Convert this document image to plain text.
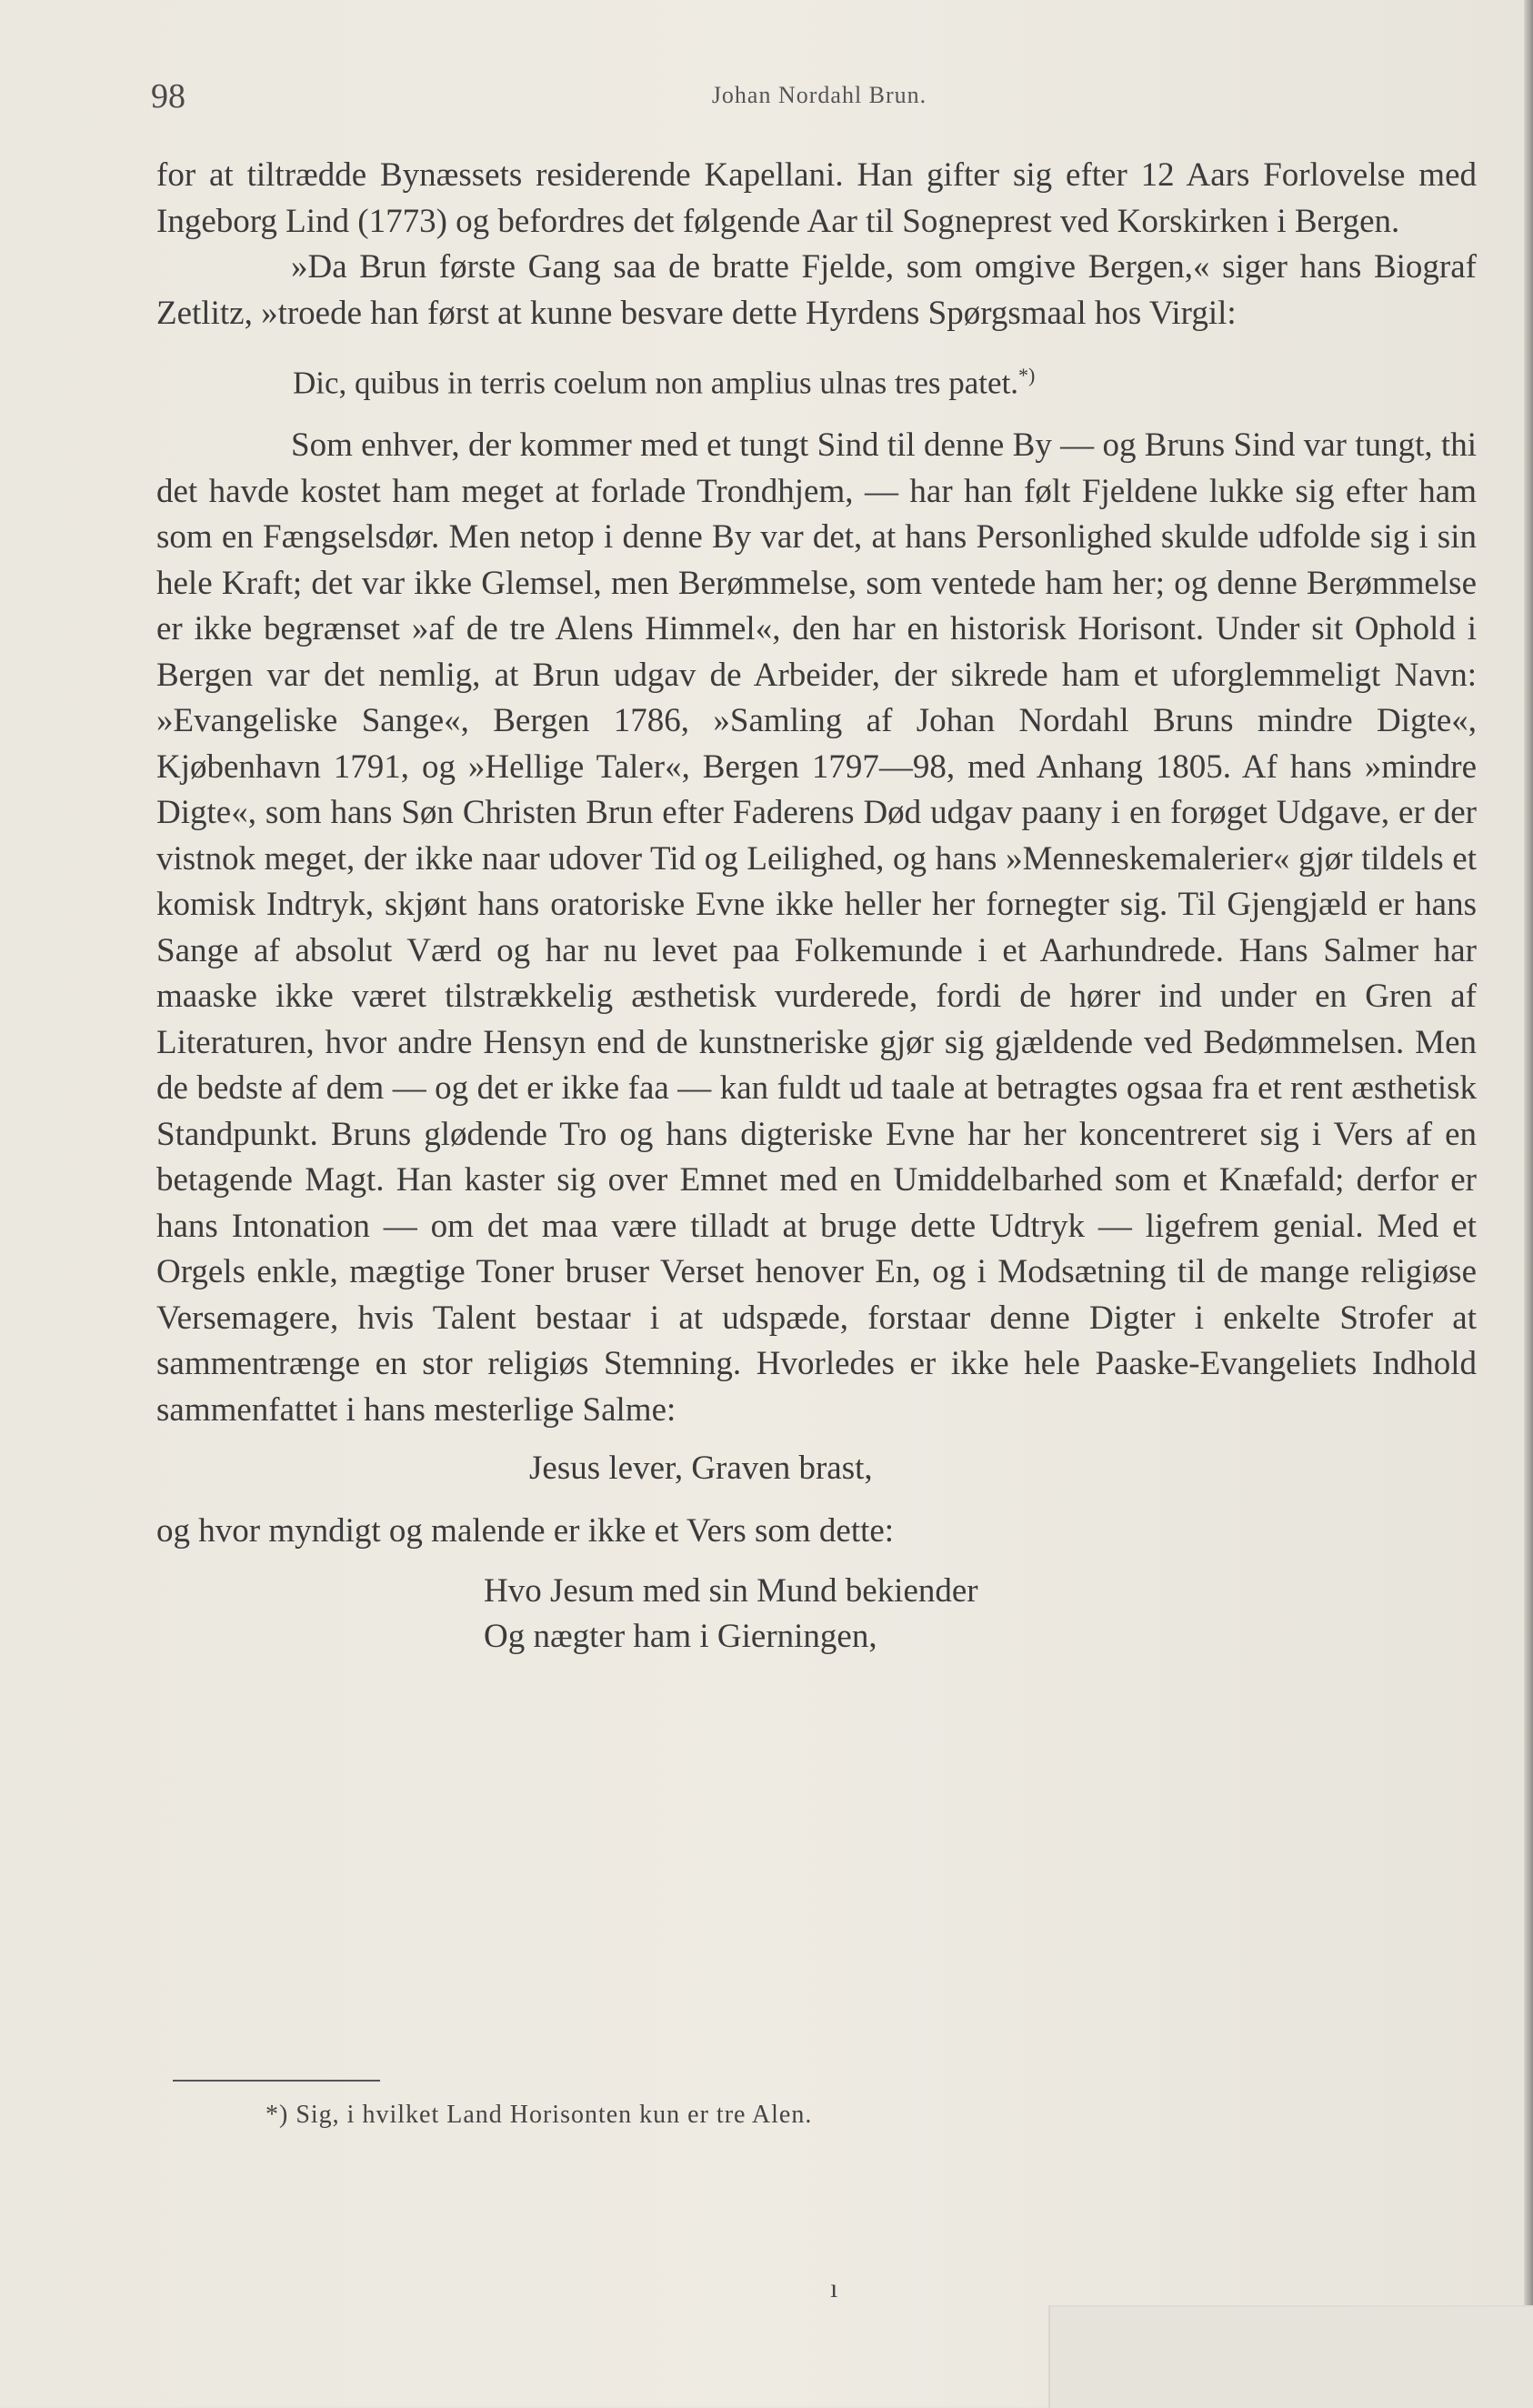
98	Johan Nordahl Brun.

for at tiltrædde Bynæssets residerende Kapellani. Han gifter sig efter 12 Aars Forlovelse med Ingeborg Lind (1773) og befordres det følgende Aar til Sogneprest ved Korskirken i Bergen.

»Da Brun første Gang saa de bratte Fjelde, som omgive Bergen,« siger hans Biograf Zetlitz, »troede han først at kunne besvare dette Hyrdens Spørgsmaal hos Virgil:

Dic, quibus in terris coelum non amplius ulnas tres patet.*)

Som enhver, der kommer med et tungt Sind til denne By — og Bruns Sind var tungt, thi det havde kostet ham meget at forlade Trondhjem, — har han følt Fjeldene lukke sig efter ham som en Fængselsdør. Men netop i denne By var det, at hans Personlighed skulde udfolde sig i sin hele Kraft; det var ikke Glemsel, men Berømmelse, som ventede ham her; og denne Berømmelse er ikke begrænset »af de tre Alens Himmel«, den har en historisk Horisont. Under sit Ophold i Bergen var det nemlig, at Brun udgav de Arbeider, der sikrede ham et uforglemmeligt Navn: »Evangeliske Sange«, Bergen 1786, »Samling af Johan Nordahl Bruns mindre Digte«, Kjøbenhavn 1791, og »Hellige Taler«, Bergen 1797—98, med Anhang 1805. Af hans »mindre Digte«, som hans Søn Christen Brun efter Faderens Død udgav paany i en forøget Udgave, er der vistnok meget, der ikke naar udover Tid og Leilighed, og hans »Menneskemalerier« gjør tildels et komisk Indtryk, skjønt hans oratoriske Evne ikke heller her fornegter sig. Til Gjengjæld er hans Sange af absolut Værd og har nu levet paa Folkemunde i et Aarhundrede. Hans Salmer har maaske ikke været tilstrækkelig æsthetisk vurderede, fordi de hører ind under en Gren af Literaturen, hvor andre Hensyn end de kunstneriske gjør sig gjældende ved Bedømmelsen. Men de bedste af dem — og det er ikke faa — kan fuldt ud taale at betragtes ogsaa fra et rent æsthetisk Standpunkt. Bruns glødende Tro og hans digteriske Evne har her koncentreret sig i Vers af en betagende Magt. Han kaster sig over Emnet med en Umiddelbarhed som et Knæfald; derfor er hans Intonation — om det maa være tilladt at bruge dette Udtryk — ligefrem genial. Med et Orgels enkle, mægtige Toner bruser Verset henover En, og i Modsætning til de mange religiøse Versemagere, hvis Talent bestaar i at udspæde, forstaar denne Digter i enkelte Strofer at sammentrænge en stor religiøs Stemning. Hvorledes er ikke hele Paaske-Evangeliets Indhold sammenfattet i hans mesterlige Salme:

Jesus lever, Graven brast,

og hvor myndigt og malende er ikke et Vers som dette:

Hvo Jesum med sin Mund bekiender
Og nægter ham i Gierningen,

*) Sig, i hvilket Land Horisonten kun er tre Alen.
ı
